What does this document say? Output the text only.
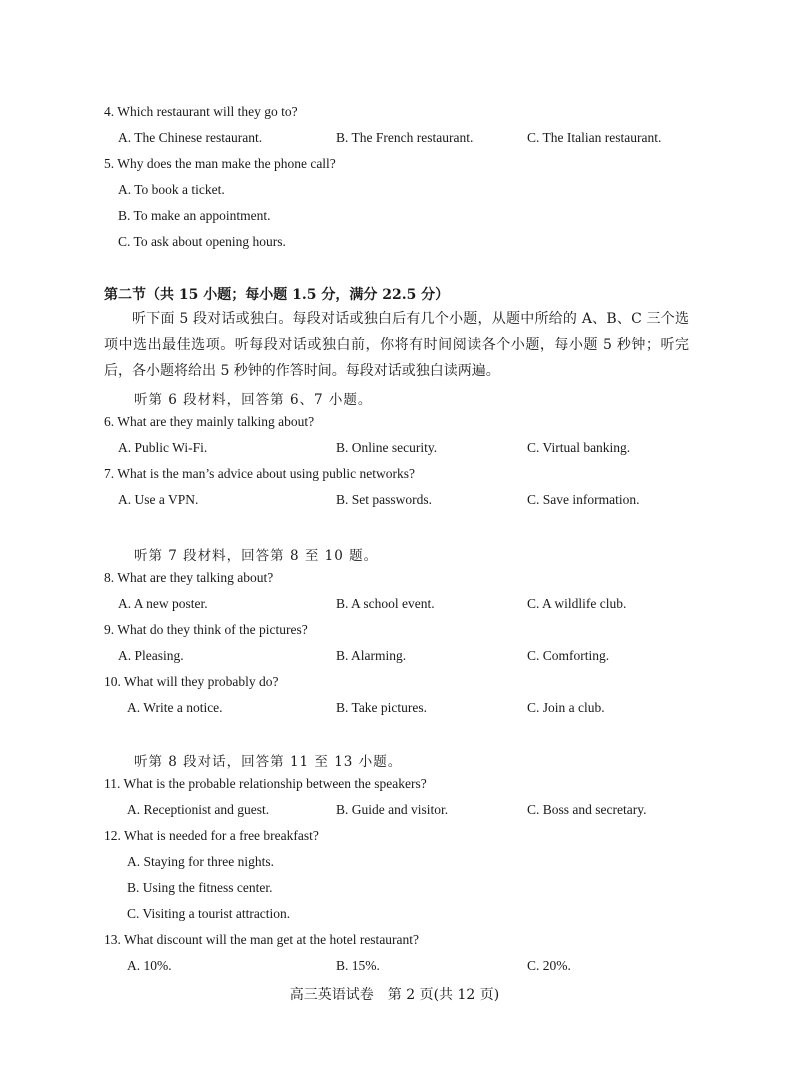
4. Which restaurant will they go to?
A. The Chinese restaurant.	B. The French restaurant.	C. The Italian restaurant.
5. Why does the man make the phone call?
A. To book a ticket.
B. To make an appointment.
C. To ask about opening hours.
第二节（共 15 小题；每小题 1.5 分，满分 22.5 分）
听下面 5 段对话或独白。每段对话或独白后有几个小题，从题中所给的 A、B、C 三个选项中选出最佳选项。听每段对话或独白前，你将有时间阅读各个小题，每小题 5 秒钟；听完后，各小题将给出 5 秒钟的作答时间。每段对话或独白读两遍。
听第 6 段材料，回答第 6、7 小题。
6. What are they mainly talking about?
A. Public Wi-Fi.	B. Online security.	C. Virtual banking.
7. What is the man’s advice about using public networks?
A. Use a VPN.	B. Set passwords.	C. Save information.
听第 7 段材料，回答第 8 至 10 题。
8. What are they talking about?
A. A new poster.	B. A school event.	C. A wildlife club.
9. What do they think of the pictures?
A. Pleasing.	B. Alarming.	C. Comforting.
10. What will they probably do?
A. Write a notice.	B. Take pictures.	C. Join a club.
听第 8 段对话，回答第 11 至 13 小题。
11. What is the probable relationship between the speakers?
A. Receptionist and guest.	B. Guide and visitor.	C. Boss and secretary.
12. What is needed for a free breakfast?
A. Staying for three nights.
B. Using the fitness center.
C. Visiting a tourist attraction.
13. What discount will the man get at the hotel restaurant?
A. 10%.	B. 15%.	C. 20%.
高三英语试卷　第 2 页(共 12 页)
